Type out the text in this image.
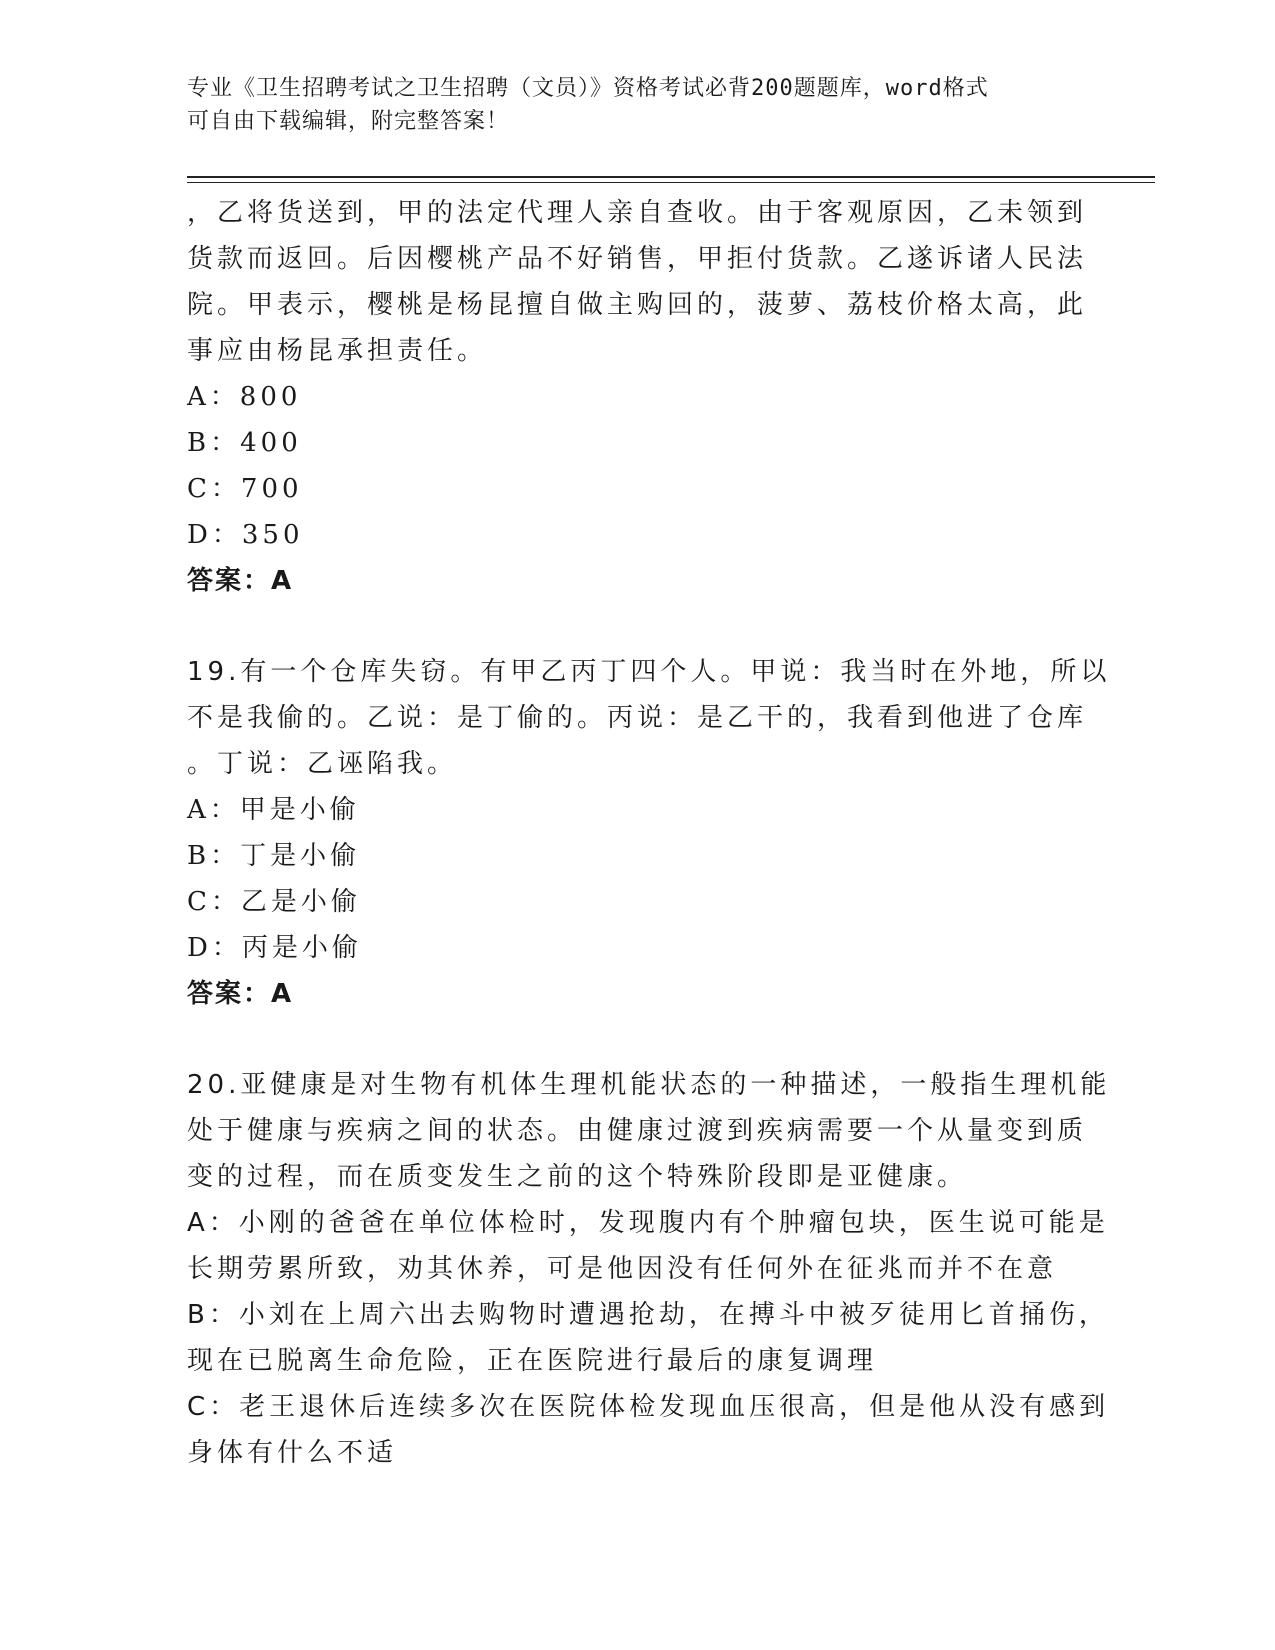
专业《卫生招聘考试之卫生招聘（文员）》资格考试必背200题题库，word格式
可自由下载编辑，附完整答案！
，乙将货送到，甲的法定代理人亲自查收。由于客观原因，乙未领到
货款而返回。后因樱桃产品不好销售，甲拒付货款。乙遂诉诸人民法
院。甲表示，樱桃是杨昆擅自做主购回的，菠萝、荔枝价格太高，此
事应由杨昆承担责任。
A：800
B：400
C：700
D：350
答案：A
19.有一个仓库失窃。有甲乙丙丁四个人。甲说：我当时在外地，所以
不是我偷的。乙说：是丁偷的。丙说：是乙干的，我看到他进了仓库
。丁说：乙诬陷我。
A：甲是小偷
B：丁是小偷
C：乙是小偷
D：丙是小偷
答案：A
20.亚健康是对生物有机体生理机能状态的一种描述，一般指生理机能
处于健康与疾病之间的状态。由健康过渡到疾病需要一个从量变到质
变的过程，而在质变发生之前的这个特殊阶段即是亚健康。
A：小刚的爸爸在单位体检时，发现腹内有个肿瘤包块，医生说可能是
长期劳累所致，劝其休养，可是他因没有任何外在征兆而并不在意
B：小刘在上周六出去购物时遭遇抢劫，在搏斗中被歹徒用匕首捅伤，
现在已脱离生命危险，正在医院进行最后的康复调理
C：老王退休后连续多次在医院体检发现血压很高，但是他从没有感到
身体有什么不适
